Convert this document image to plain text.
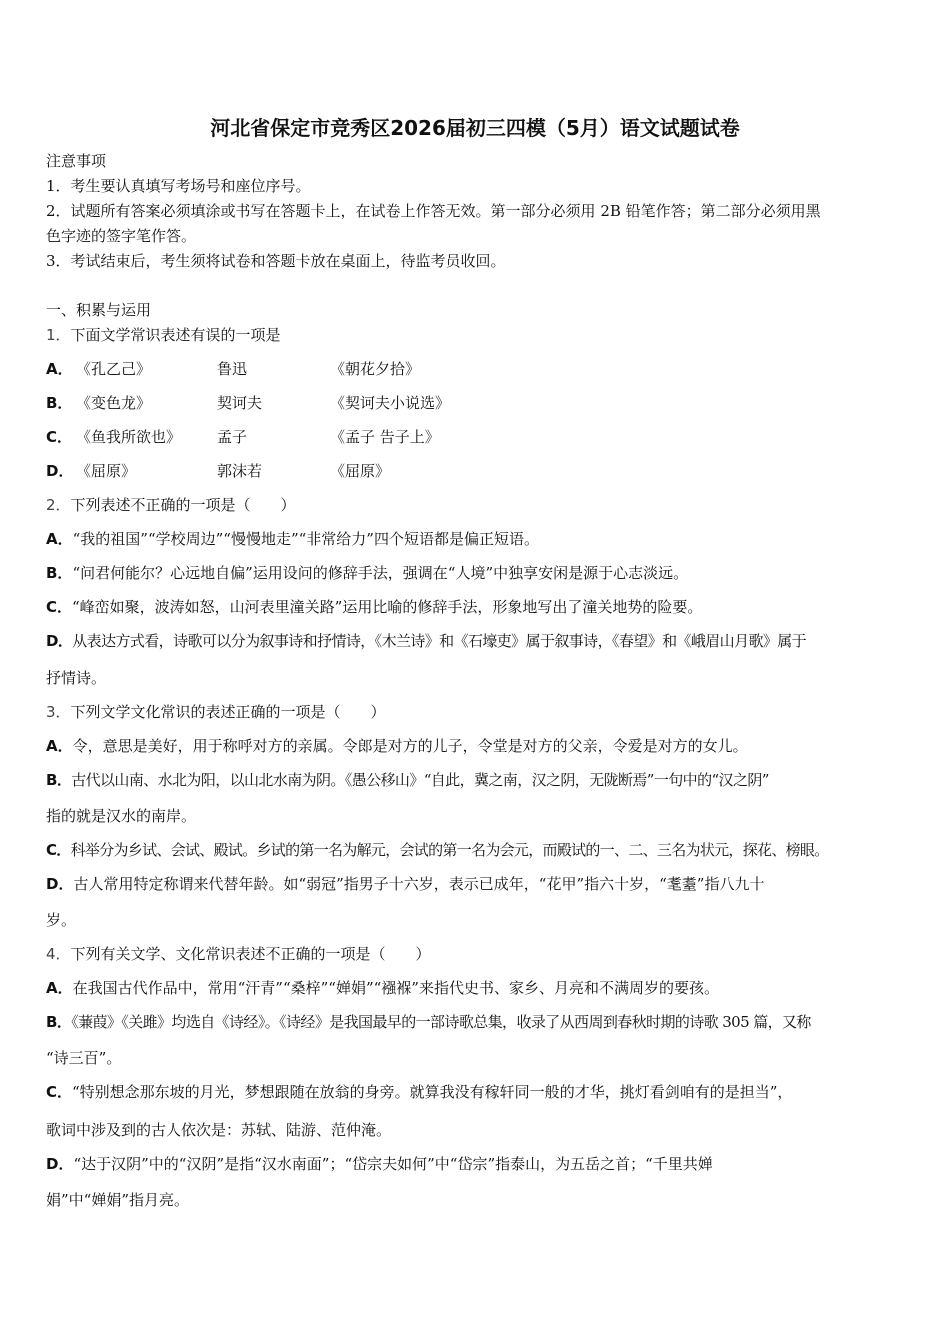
河北省保定市竞秀区2026届初三四模（5月）语文试题试卷
注意事项
1．考生要认真填写考场号和座位序号。
2．试题所有答案必须填涂或书写在答题卡上，在试卷上作答无效。第一部分必须用 2B 铅笔作答；第二部分必须用黑
色字迹的签字笔作答。
3．考试结束后，考生须将试卷和答题卡放在桌面上，待监考员收回。
一、积累与运用
1．下面文学常识表述有误的一项是
A． 《孔乙己》	鲁迅	《朝花夕拾》
B． 《变色龙》	契诃夫	《契诃夫小说选》
C． 《鱼我所欲也》 孟子	《孟子 告子上》
D． 《屈原》	郭沫若	《屈原》
2．下列表述不正确的一项是（　　）
A．“我的祖国”“学校周边”“慢慢地走”“非常给力”四个短语都是偏正短语。
B．“问君何能尔？心远地自偏”运用设问的修辞手法，强调在“人境”中独享安闲是源于心志淡远。
C．“峰峦如聚，波涛如怒，山河表里潼关路”运用比喻的修辞手法，形象地写出了潼关地势的险要。
D．从表达方式看，诗歌可以分为叙事诗和抒情诗，《木兰诗》和《石壕吏》属于叙事诗，《春望》和《峨眉山月歌》属于
抒情诗。
3．下列文学文化常识的表述正确的一项是（　　）
A．令，意思是美好，用于称呼对方的亲属。令郎是对方的儿子，令堂是对方的父亲，令爱是对方的女儿。
B．古代以山南、水北为阳，以山北水南为阴。《愚公移山》“自此，冀之南，汉之阴，无陇断焉”一句中的“汉之阴”
指的就是汉水的南岸。
C．科举分为乡试、会试、殿试。乡试的第一名为解元，会试的第一名为会元，而殿试的一、二、三名为状元，探花、榜眼。
D．古人常用特定称谓来代替年龄。如“弱冠”指男子十六岁，表示已成年，“花甲”指六十岁，“耄耋”指八九十
岁。
4．下列有关文学、文化常识表述不正确的一项是（　　）
A．在我国古代作品中，常用“汗青”“桑梓”“婵娟”“襁褓”来指代史书、家乡、月亮和不满周岁的要孩。
B．《蒹葭》《关雎》均选自《诗经》。《诗经》是我国最早的一部诗歌总集，收录了从西周到春秋时期的诗歌 305 篇，又称
“诗三百”。
C．“特别想念那东坡的月光，梦想跟随在放翁的身旁。就算我没有稼轩同一般的才华，挑灯看剑咱有的是担当”，
歌词中涉及到的古人依次是：苏轼、陆游、范仲淹。
D．“达于汉阴”中的“汉阴”是指“汉水南面”；“岱宗夫如何”中“岱宗”指泰山，为五岳之首；“千里共婵
娟”中“婵娟”指月亮。
